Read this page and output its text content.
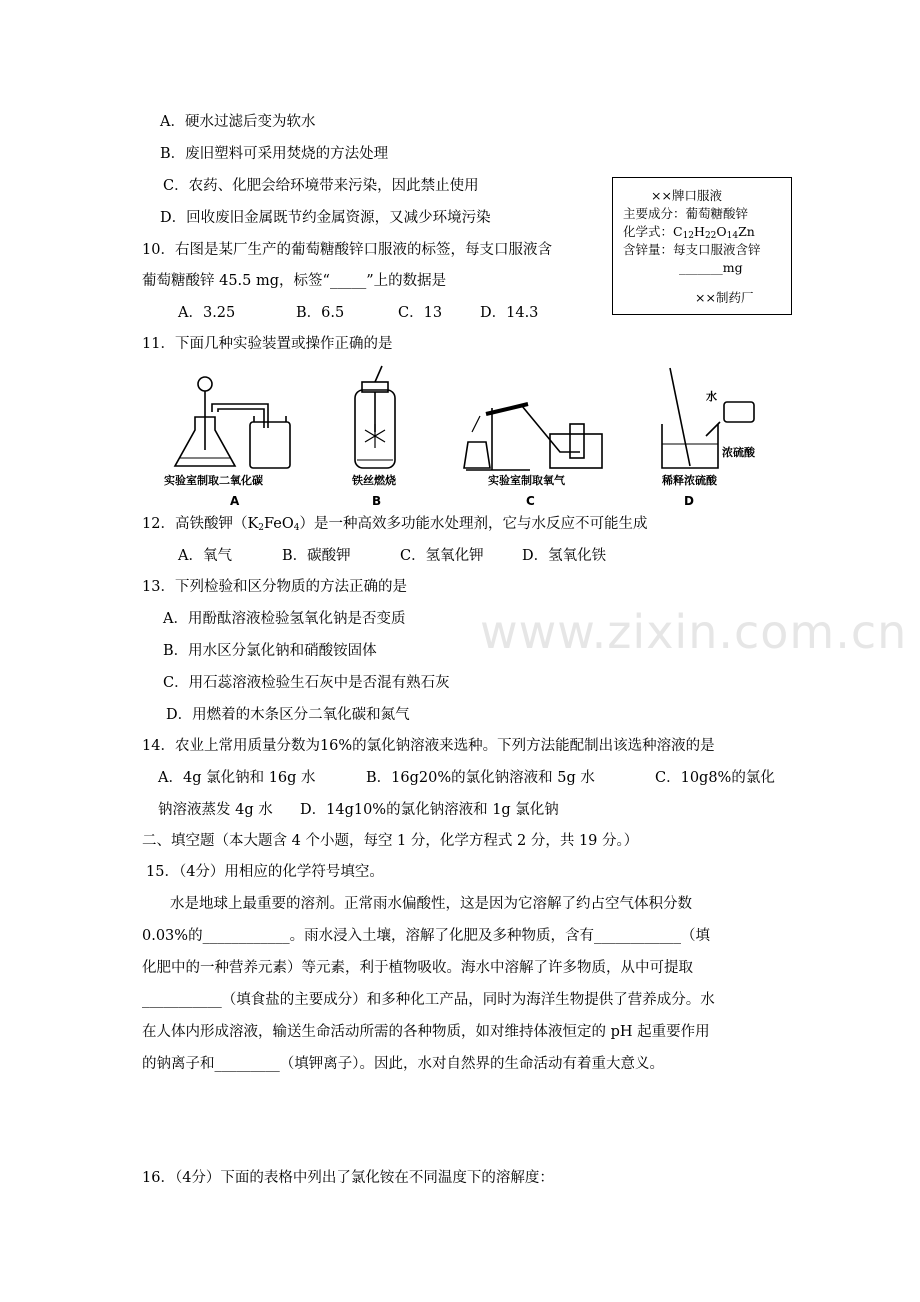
A．硬水过滤后变为软水
B．废旧塑料可采用焚烧的方法处理
C．农药、化肥会给环境带来污染，因此禁止使用
D．回收废旧金属既节约金属资源，又减少环境污染
××牌口服液
主要成分：葡萄糖酸锌
化学式：$C_{12}H_{22}O_{14}Zn$
含锌量：每支口服液含锌
_______mg
××制药厂
10．右图是某厂生产的葡萄糖酸锌口服液的标签，每支口服液含
葡萄糖酸锌 45.5 mg，标签“_____”上的数据是
A．3.25	B．6.5	C．13	D．14.3
11．下面几种实验装置或操作正确的是
实验室制取二氧化碳
A
铁丝燃烧
B
实验室制取氧气
C
稀释浓硫酸
D
水
浓硫酸
12．高铁酸钾$(K_2FeO_4)$是一种高效多功能水处理剂，它与水反应不可能生成
A．氧气	B．碳酸钾	C．氢氧化钾	D．氢氧化铁
13．下列检验和区分物质的方法正确的是
A．用酚酞溶液检验氢氧化钠是否变质
B．用水区分氯化钠和硝酸铵固体
C．用石蕊溶液检验生石灰中是否混有熟石灰
D．用燃着的木条区分二氧化碳和氮气
14．农业上常用质量分数为16%的氯化钠溶液来选种。下列方法能配制出该选种溶液的是
A．4g 氯化钠和 16g 水	B．16g20%的氯化钠溶液和 5g 水	C．10g8%的氯化
钠溶液蒸发 4g 水 D．14g10%的氯化钠溶液和 1g 氯化钠
二、填空题（本大题含 4 个小题，每空 1 分，化学方程式 2 分，共 19 分。）
15．（4分）用相应的化学符号填空。
水是地球上最重要的溶剂。正常雨水偏酸性，这是因为它溶解了约占空气体积分数
0.03%的____________。雨水浸入土壤，溶解了化肥及多种物质，含有____________（填
化肥中的一种营养元素）等元素，利于植物吸收。海水中溶解了许多物质，从中可提取
___________（填食盐的主要成分）和多种化工产品，同时为海洋生物提供了营养成分。水
在人体内形成溶液，输送生命活动所需的各种物质，如对维持体液恒定的 pH 起重要作用
的钠离子和_________（填钾离子）。因此，水对自然界的生命活动有着重大意义。
16．（4分）下面的表格中列出了氯化铵在不同温度下的溶解度：
www.zixin.com.cn
